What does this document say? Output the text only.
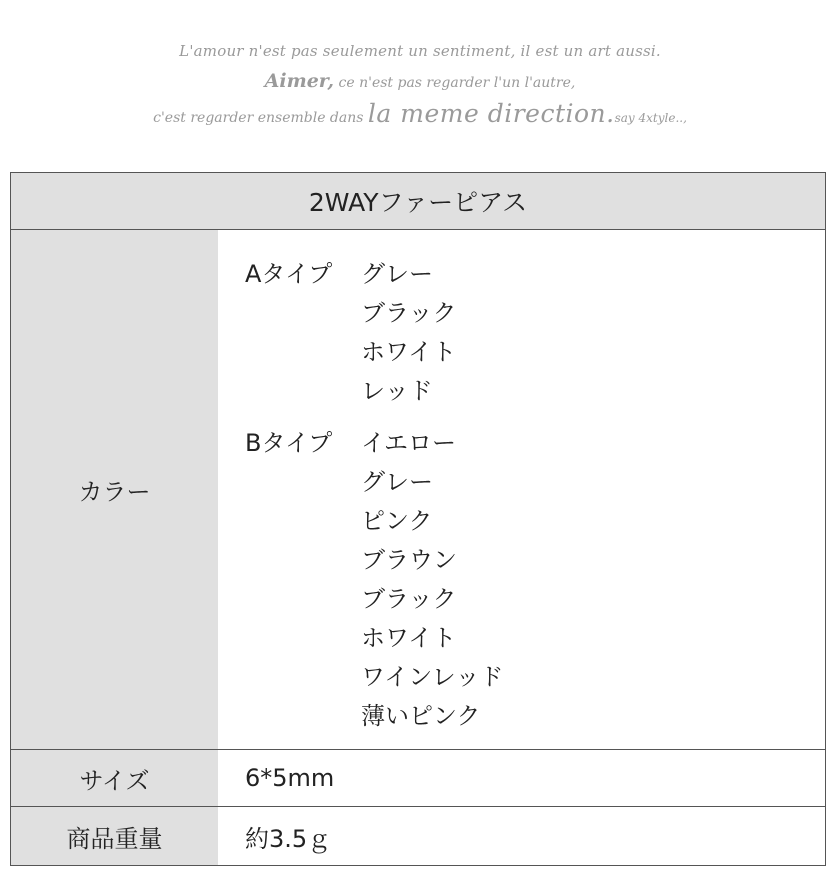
L'amour n'est pas seulement un sentiment, il est un art aussi.
Aimer, ce n'est pas regarder l'un l'autre,
c'est regarder ensemble dans la meme direction.say 4xtyle..,
2WAYファーピアス
カラー
Aタイプ	グレー
ブラック
ホワイト
レッド
Bタイプ	イエロー
グレー
ピンク
ブラウン
ブラック
ホワイト
ワインレッド
薄いピンク
サイズ	6*5mm
商品重量	約3.5ｇ
